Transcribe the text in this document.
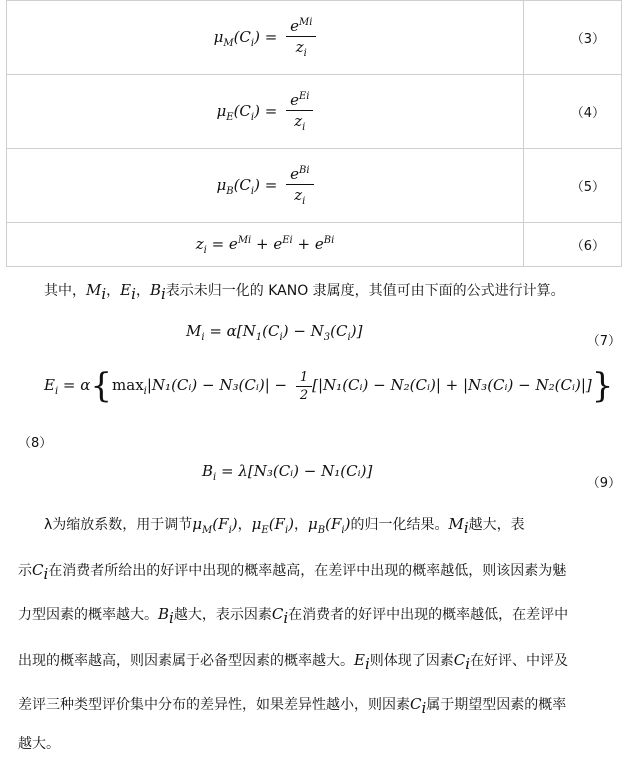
$\mu_M(C_i) = \frac{e^{Mi}}{z_i}$	（3）
$\mu_E(C_i) = \frac{e^{Ei}}{z_i}$	（4）
$\mu_B(C_i) = \frac{e^{Bi}}{z_i}$	（5）
$z_i = e^{Mi} + e^{Ei} + e^{Bi}$	（6）
其中，$M_i$，$E_i$，$B_i$表示未归一化的 KANO 隶属度，其值可由下面的公式进行计算。
$M_i = \alpha[N_1(C_i) - N_3(C_i)]$
（7）
$E_i$ = $\alpha\{\max_i|N_1(Cᵢ)$ − N₃(Cᵢ)| − $\frac{1}{2}$ [|N₁(Cᵢ) − N₂(Cᵢ)| + |N₃(Cᵢ) − N₂(Cᵢ)|]}
（8）
$B_i$ = λ[N₃(Cᵢ) − N₁(Cᵢ)]
（9）
λ为缩放系数，用于调节$\mu_M(F_i)$，$\mu_E(F_i)$，$\mu_B(F_i)$的归一化结果。$M_i$越大，表
示$C_i$在消费者所给出的好评中出现的概率越高，在差评中出现的概率越低，则该因素为魅
力型因素的概率越大。$B_i$越大，表示因素$C_i$在消费者的好评中出现的概率越低，在差评中
出现的概率越高，则因素属于必备型因素的概率越大。$E_i$则体现了因素$C_i$在好评、中评及
差评三种类型评价集中分布的差异性，如果差异性越小，则因素$C_i$属于期望型因素的概率
越大。
